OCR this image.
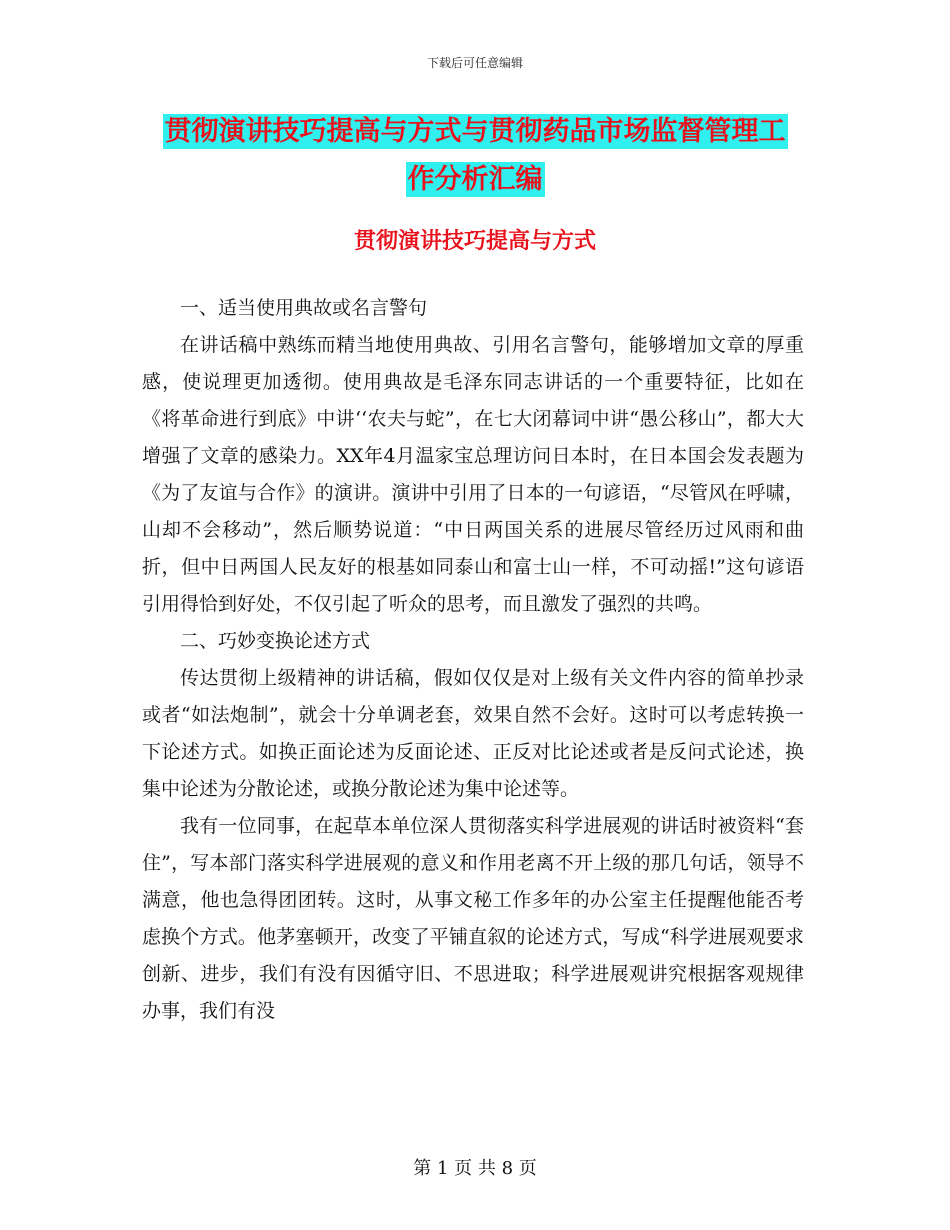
下载后可任意编辑
贯彻演讲技巧提高与方式与贯彻药品市场监督管理工
作分析汇编
贯彻演讲技巧提高与方式

一、适当使用典故或名言警句

在讲话稿中熟练而精当地使用典故、引用名言警句，能够增加文章的厚重感，使说理更加透彻。使用典故是毛泽东同志讲话的一个重要特征，比如在《将革命进行到底》中讲‘‘农夫与蛇”，在七大闭幕词中讲“愚公移山”，都大大增强了文章的感染力。XX年4月温家宝总理访问日本时，在日本国会发表题为《为了友谊与合作》的演讲。演讲中引用了日本的一句谚语，“尽管风在呼啸，山却不会移动”，然后顺势说道：“中日两国关系的进展尽管经历过风雨和曲折，但中日两国人民友好的根基如同泰山和富士山一样，不可动摇!”这句谚语引用得恰到好处，不仅引起了听众的思考，而且激发了强烈的共鸣。

二、巧妙变换论述方式

传达贯彻上级精神的讲话稿，假如仅仅是对上级有关文件内容的简单抄录或者“如法炮制”，就会十分单调老套，效果自然不会好。这时可以考虑转换一下论述方式。如换正面论述为反面论述、正反对比论述或者是反问式论述，换集中论述为分散论述，或换分散论述为集中论述等。

我有一位同事，在起草本单位深人贯彻落实科学进展观的讲话时被资料“套住”，写本部门落实科学进展观的意义和作用老离不开上级的那几句话，领导不满意，他也急得团团转。这时，从事文秘工作多年的办公室主任提醒他能否考虑换个方式。他茅塞顿开，改变了平铺直叙的论述方式，写成“科学进展观要求创新、进步，我们有没有因循守旧、不思进取；科学进展观讲究根据客观规律办事，我们有没

第 1 页 共 8 页
